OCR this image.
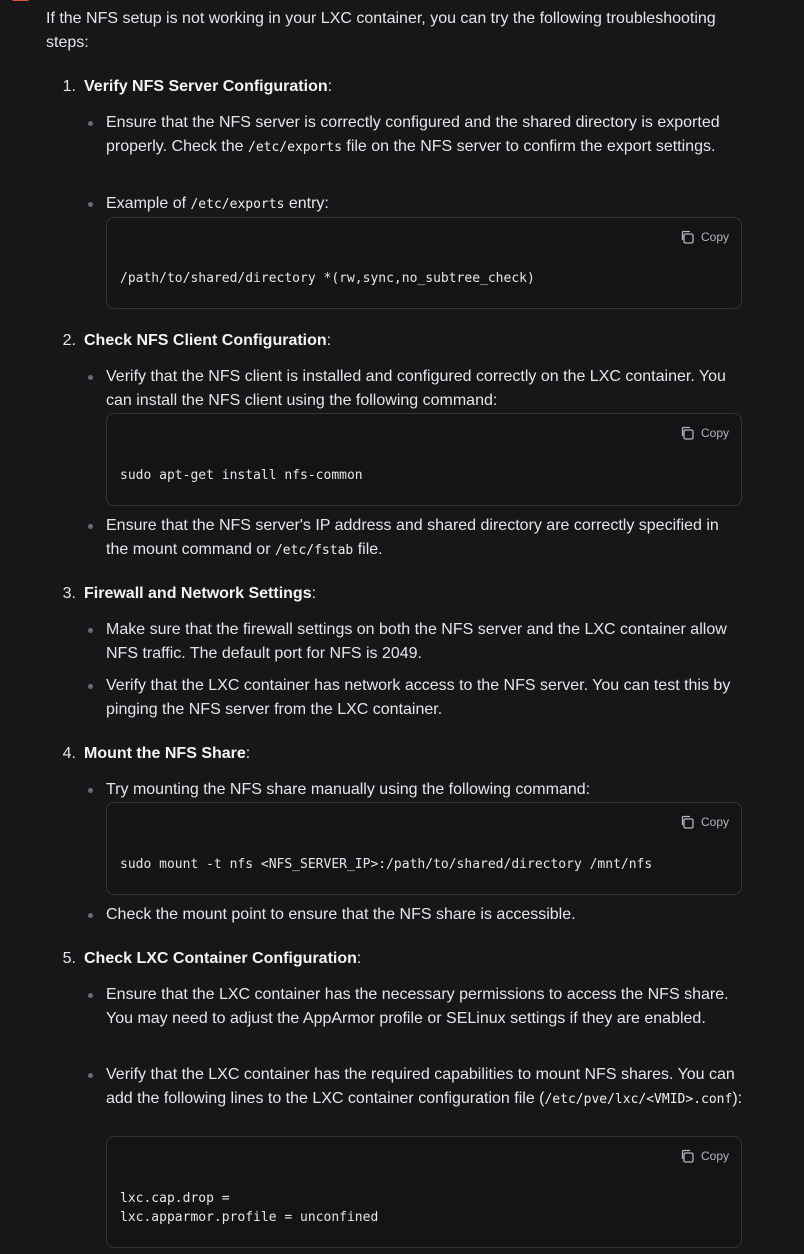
If the NFS setup is not working in your LXC container, you can try the following troubleshooting steps:
1. Verify NFS Server Configuration:
Ensure that the NFS server is correctly configured and the shared directory is exported properly. Check the /etc/exports file on the NFS server to confirm the export settings.
Example of /etc/exports entry:
Copy
/path/to/shared/directory *(rw,sync,no_subtree_check)
2. Check NFS Client Configuration:
Verify that the NFS client is installed and configured correctly on the LXC container. You can install the NFS client using the following command:
Copy
sudo apt-get install nfs-common
Ensure that the NFS server's IP address and shared directory are correctly specified in the mount command or /etc/fstab file.
3. Firewall and Network Settings:
Make sure that the firewall settings on both the NFS server and the LXC container allow NFS traffic. The default port for NFS is 2049.
Verify that the LXC container has network access to the NFS server. You can test this by pinging the NFS server from the LXC container.
4. Mount the NFS Share:
Try mounting the NFS share manually using the following command:
Copy
sudo mount -t nfs <NFS_SERVER_IP>:/path/to/shared/directory /mnt/nfs
Check the mount point to ensure that the NFS share is accessible.
5. Check LXC Container Configuration:
Ensure that the LXC container has the necessary permissions to access the NFS share. You may need to adjust the AppArmor profile or SELinux settings if they are enabled.
Verify that the LXC container has the required capabilities to mount NFS shares. You can add the following lines to the LXC container configuration file (/etc/pve/lxc/<VMID>.conf):
Copy
lxc.cap.drop =
lxc.apparmor.profile = unconfined
